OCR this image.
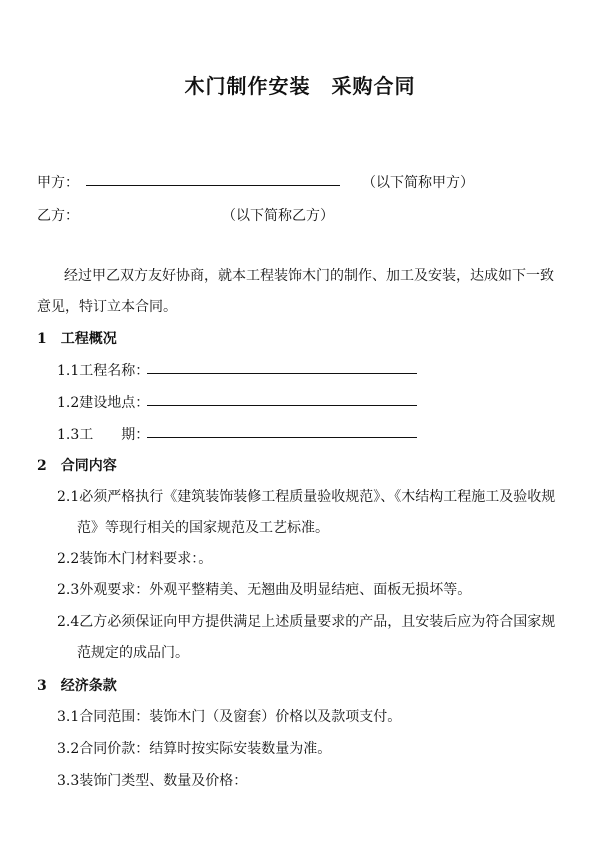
木门制作安装　采购合同
甲方：	（以下简称甲方）
乙方：	（以下简称乙方）
经过甲乙双方友好协商，就本工程装饰木门的制作、加工及安装，达成如下一致
意见，特订立本合同。
1　工程概况
1.1工程名称：
1.2建设地点：
1.3工　　期：
2　合同内容
2.1必须严格执行《建筑装饰装修工程质量验收规范》、《木结构工程施工及验收规
范》等现行相关的国家规范及工艺标准。
2.2装饰木门材料要求：。
2.3外观要求：外观平整精美、无翘曲及明显结疤、面板无损坏等。
2.4乙方必须保证向甲方提供满足上述质量要求的产品，且安装后应为符合国家规
范规定的成品门。
3　经济条款
3.1合同范围：装饰木门（及窗套）价格以及款项支付。
3.2合同价款：结算时按实际安装数量为准。
3.3装饰门类型、数量及价格：
